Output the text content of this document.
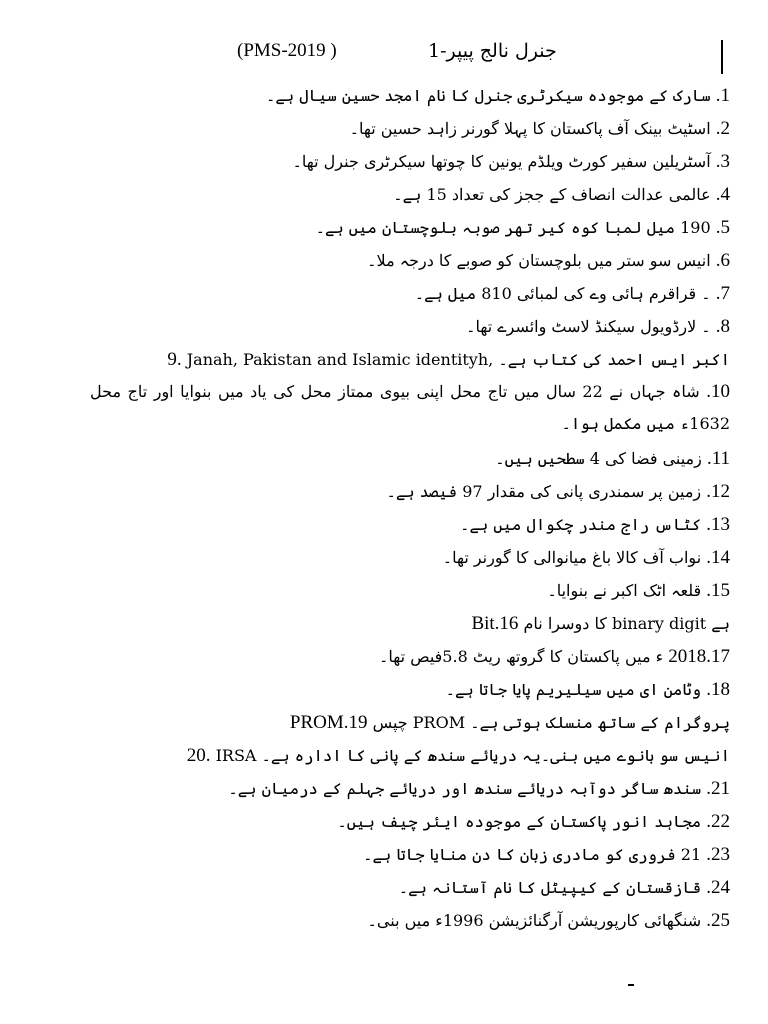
جنرل نالج پیپر-1
(PMS-2019 )
1. سارک کے موجودہ سیکرٹری جنرل کا نام امجد حسین سیال ہے۔
2. اسٹیٹ بینک آف پاکستان کا پہلا گورنر زاہد حسین تھا۔
3. آسٹریلین سفیر کورٹ ویلڈم یونین کا چوتھا سیکرٹری جنرل تھا۔
4. عالمی عدالت انصاف کے ججز کی تعداد 15 ہے۔
5. 190 میل لمبا کوہ کیر تھر صوبہ بلوچستان میں ہے۔
6. انیس سو ستر میں بلوچستان کو صوبے کا درجہ ملا۔
7. ۔ قراقرم ہائی وے کی لمبائی 810 میل ہے۔
8. ۔ لارڈویول سیکنڈ لاسٹ وائسرے تھا۔
9. Janah, Pakistan and Islamic identityh, اکبر ایس احمد کی کتاب ہے۔
10. شاہ جہاں نے 22 سال میں تاج محل اپنی بیوی ممتاز محل کی یاد میں بنوایا اور تاج محل 1632ء میں مکمل ہوا۔
11. زمینی فضا کی 4 سطحیں ہیں۔
12. زمین پر سمندری پانی کی مقدار 97 فیصد ہے۔
13. کٹاس راج مندر چکوال میں ہے۔
14. نواب آف کالا باغ میانوالی کا گورنر تھا۔
15. قلعہ اٹک اکبر نے بنوایا۔
Bit.16 کا دوسرا نام binary digit ہے
2018.17 ء میں پاکستان کا گروتھ ریٹ 5.8فیص تھا۔
18. وٹامن ای میں سیلیریم پایا جاتا ہے۔
PROM.19 چپس PROM پروگرام کے ساتھ منسلک ہوتی ہے۔
20. IRSA انیس سو بانوے میں بنی۔یہ دریائے سندھ کے پانی کا ادارہ ہے۔
21. سندھ ساگر دوآبہ دریائے سندھ اور دریائے جہلم کے درمیان ہے۔
22. مجاہد انور پاکستان کے موجودہ ایئر چیف ہیں۔
23. 21 فروری کو مادری زبان کا دن منایا جاتا ہے۔
24. قازقستان کے کیپیٹل کا نام آستانہ ہے۔
25. شنگھائی کارپوریشن آرگنائزیشن 1996ء میں بنی۔
